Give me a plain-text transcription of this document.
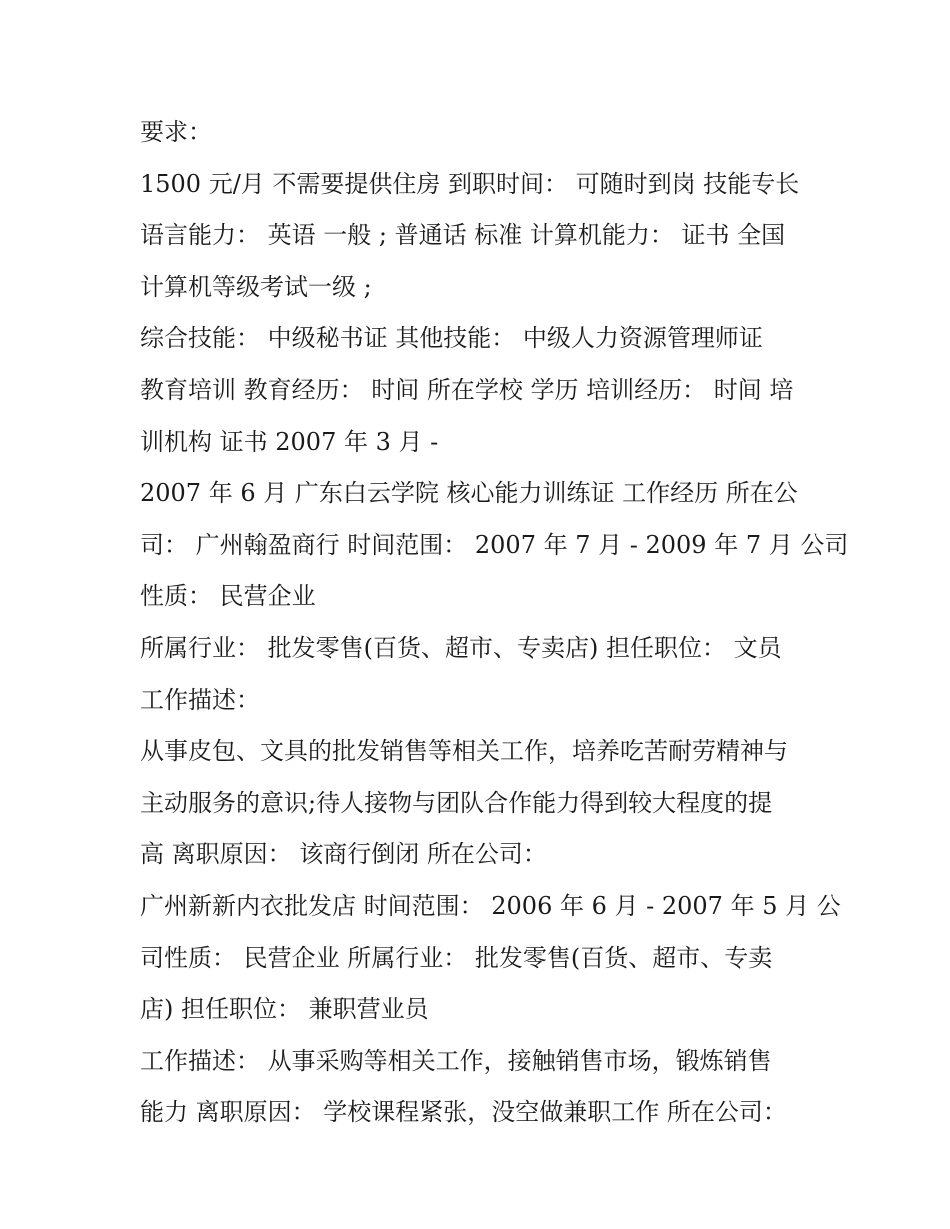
要求：
1500 元/月 不需要提供住房 到职时间： 可随时到岗 技能专长
语言能力： 英语 一般 ; 普通话 标准 计算机能力： 证书 全国
计算机等级考试一级 ;
综合技能： 中级秘书证 其他技能： 中级人力资源管理师证
教育培训 教育经历： 时间 所在学校 学历 培训经历： 时间 培
训机构 证书 2007 年 3 月 -
2007 年 6 月 广东白云学院 核心能力训练证 工作经历 所在公
司： 广州翰盈商行 时间范围： 2007 年 7 月 - 2009 年 7 月 公司
性质： 民营企业
所属行业： 批发零售(百货、超市、专卖店) 担任职位： 文员
工作描述：
从事皮包、文具的批发销售等相关工作，培养吃苦耐劳精神与
主动服务的意识;待人接物与团队合作能力得到较大程度的提
高 离职原因： 该商行倒闭 所在公司：
广州新新内衣批发店 时间范围： 2006 年 6 月 - 2007 年 5 月 公
司性质： 民营企业 所属行业： 批发零售(百货、超市、专卖
店) 担任职位： 兼职营业员
工作描述： 从事采购等相关工作，接触销售市场，锻炼销售
能力 离职原因： 学校课程紧张，没空做兼职工作 所在公司：
